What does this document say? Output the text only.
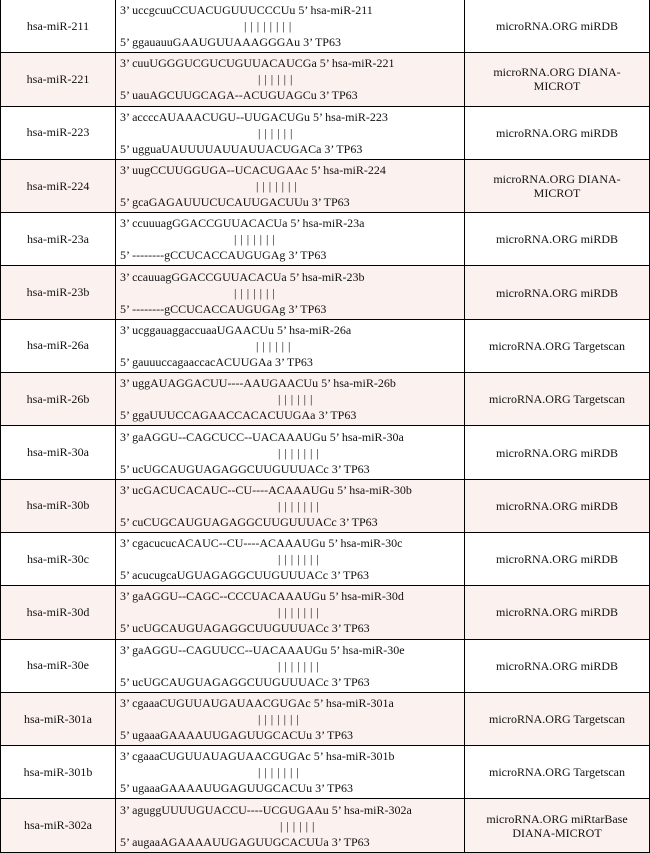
hsa-miR-211	3’ uccgcuuCCUACUGUUUCCCUu 5’ hsa-miR-211
| | | | | | | |
5’ ggauauuGAAUGUUAAAGGGAu 3’ TP63	microRNA.ORG miRDB
hsa-miR-221	3’ cuuUGGGUCGUCUGUUACAUCGa 5’ hsa-miR-221
| | | | | |
5’ uauAGCUUGCAGA--ACUGUAGCu 3’ TP63	microRNA.ORG DIANA-MICROT
hsa-miR-223	3’ accccAUAAACUGU--UUGACUGu 5’ hsa-miR-223
| | | | | |
5’ ugguaUAUUUUAUUAUUACUGACa 3’ TP63	microRNA.ORG miRDB
hsa-miR-224	3’ uugCCUUGGUGA--UCACUGAAc 5’ hsa-miR-224
| | | | | | |
5’ gcaGAGAUUUCUCAUUGACUUu 3’ TP63	microRNA.ORG DIANA-MICROT
hsa-miR-23a	3’ ccuuuagGGACCGUUACACUa 5’ hsa-miR-23a
| | | | | | |
5’ --------gCCUCACCAUGUGAg 3’ TP63	microRNA.ORG miRDB
hsa-miR-23b	3’ ccauuagGGACCGUUACACUa 5’ hsa-miR-23b
| | | | | | |
5’ --------gCCUCACCAUGUGAg 3’ TP63	microRNA.ORG miRDB
hsa-miR-26a	3’ ucggauaggaccuaaUGAACUu 5’ hsa-miR-26a
| | | | | |
5’ gauuuccagaaccacACUUGAa 3’ TP63	microRNA.ORG Targetscan
hsa-miR-26b	3’ uggAUAGGACUU----AAUGAACUu 5’ hsa-miR-26b
| | | | | |
5’ ggaUUUCCAGAACCACACUUGAa 3’ TP63	microRNA.ORG Targetscan
hsa-miR-30a	3’ gaAGGU--CAGCUCC--UACAAAUGu 5’ hsa-miR-30a
| | | | | | |
5’ ucUGCAUGUAGAGGCUUGUUUACc 3’ TP63	microRNA.ORG miRDB
hsa-miR-30b	3’ ucGACUCACAUC--CU----ACAAAUGu 5’ hsa-miR-30b
| | | | | | |
5’ cuCUGCAUGUAGAGGCUUGUUUACc 3’ TP63	microRNA.ORG miRDB
hsa-miR-30c	3’ cgacucucACAUC--CU----ACAAAUGu 5’ hsa-miR-30c
| | | | | | |
5’ acucugcaUGUAGAGGCUUGUUUACc 3’ TP63	microRNA.ORG miRDB
hsa-miR-30d	3’ gaAGGU--CAGC--CCCUACAAAUGu 5’ hsa-miR-30d
| | | | | | |
5’ ucUGCAUGUAGAGGCUUGUUUACc 3’ TP63	microRNA.ORG miRDB
hsa-miR-30e	3’ gaAGGU--CAGUUCC--UACAAAUGu 5’ hsa-miR-30e
| | | | | | |
5’ ucUGCAUGUAGAGGCUUGUUUACc 3’ TP63	microRNA.ORG miRDB
hsa-miR-301a	3’ cgaaaCUGUUAUGAUAACGUGAc 5’ hsa-miR-301a
| | | | | | |
5’ ugaaaGAAAAUUGAGUUGCACUu 3’ TP63	microRNA.ORG Targetscan
hsa-miR-301b	3’ cgaaaCUGUUAUAGUAACGUGAc 5’ hsa-miR-301b
| | | | | | |
5’ ugaaaGAAAAUUGAGUUGCACUu 3’ TP63	microRNA.ORG Targetscan
hsa-miR-302a	3’ aguggUUUUGUACCU----UCGUGAAu 5’ hsa-miR-302a
| | | | | |
5’ augaaAGAAAAUUGAGUUGCACUUa 3’ TP63	microRNA.ORG miRtarBase DIANA-MICROT
